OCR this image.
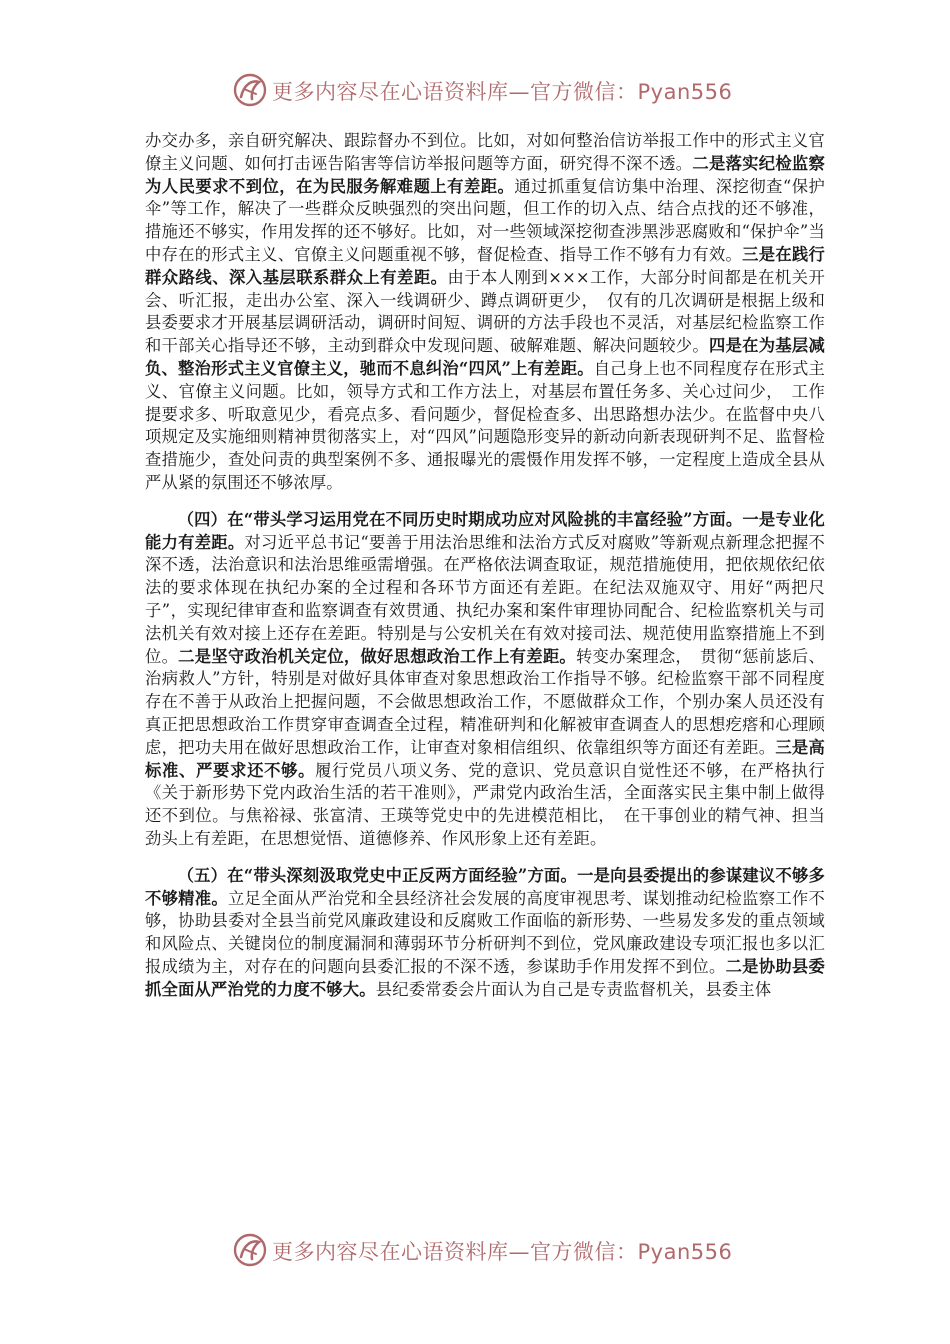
更多内容尽在心语资料库—官方微信：Pyan556

办交办多，亲自研究解决、跟踪督办不到位。比如，对如何整治信访举报工作中的形式主义官僚主义问题、如何打击诬告陷害等信访举报问题等方面，研究得不深不透。二是落实纪检监察为人民要求不到位，在为民服务解难题上有差距。通过抓重复信访集中治理、深挖彻查“保护伞”等工作，解决了一些群众反映强烈的突出问题，但工作的切入点、结合点找的还不够准，措施还不够实，作用发挥的还不够好。比如，对一些领域深挖彻查涉黑涉恶腐败和“保护伞”当中存在的形式主义、官僚主义问题重视不够，督促检查、指导工作不够有力有效。三是在践行群众路线、深入基层联系群众上有差距。由于本人刚到×××工作，大部分时间都是在机关开会、听汇报，走出办公室、深入一线调研少、蹲点调研更少，　仅有的几次调研是根据上级和县委要求才开展基层调研活动，调研时间短、调研的方法手段也不灵活，对基层纪检监察工作和干部关心指导还不够，主动到群众中发现问题、破解难题、解决问题较少。四是在为基层减负、整治形式主义官僚主义，驰而不息纠治“四风”上有差距。自己身上也不同程度存在形式主义、官僚主义问题。比如，领导方式和工作方法上，对基层布置任务多、关心过问少，　工作提要求多、听取意见少，看亮点多、看问题少，督促检查多、出思路想办法少。在监督中央八项规定及实施细则精神贯彻落实上，对“四风”问题隐形变异的新动向新表现研判不足、监督检查措施少，查处问责的典型案例不多、通报曝光的震慑作用发挥不够，一定程度上造成全县从严从紧的氛围还不够浓厚。

（四）在“带头学习运用党在不同历史时期成功应对风险挑的丰富经验”方面。一是专业化能力有差距。对习近平总书记“要善于用法治思维和法治方式反对腐败”等新观点新理念把握不深不透，法治意识和法治思维亟需增强。在严格依法调查取证，规范措施使用，把依规依纪依法的要求体现在执纪办案的全过程和各环节方面还有差距。在纪法双施双守、用好“两把尺子”，实现纪律审查和监察调查有效贯通、执纪办案和案件审理协同配合、纪检监察机关与司法机关有效对接上还存在差距。特别是与公安机关在有效对接司法、规范使用监察措施上不到位。二是坚守政治机关定位，做好思想政治工作上有差距。转变办案理念，　贯彻“惩前毖后、治病救人”方针，特别是对做好具体审查对象思想政治工作指导不够。纪检监察干部不同程度存在不善于从政治上把握问题，不会做思想政治工作，不愿做群众工作，个别办案人员还没有真正把思想政治工作贯穿审查调查全过程，精准研判和化解被审查调查人的思想疙瘩和心理顾虑，把功夫用在做好思想政治工作，让审查对象相信组织、依靠组织等方面还有差距。三是高标准、严要求还不够。履行党员八项义务、党的意识、党员意识自觉性还不够，在严格执行《关于新形势下党内政治生活的若干准则》，严肃党内政治生活，全面落实民主集中制上做得还不到位。与焦裕禄、张富清、王瑛等党史中的先进模范相比，　在干事创业的精气神、担当劲头上有差距，在思想觉悟、道德修养、作风形象上还有差距。

（五）在“带头深刻汲取党史中正反两方面经验”方面。一是向县委提出的参谋建议不够多不够精准。立足全面从严治党和全县经济社会发展的高度审视思考、谋划推动纪检监察工作不够，协助县委对全县当前党风廉政建设和反腐败工作面临的新形势、一些易发多发的重点领域和风险点、关键岗位的制度漏洞和薄弱环节分析研判不到位，党风廉政建设专项汇报也多以汇报成绩为主，对存在的问题向县委汇报的不深不透，参谋助手作用发挥不到位。二是协助县委抓全面从严治党的力度不够大。县纪委常委会片面认为自己是专责监督机关，县委主体

更多内容尽在心语资料库—官方微信：Pyan556
